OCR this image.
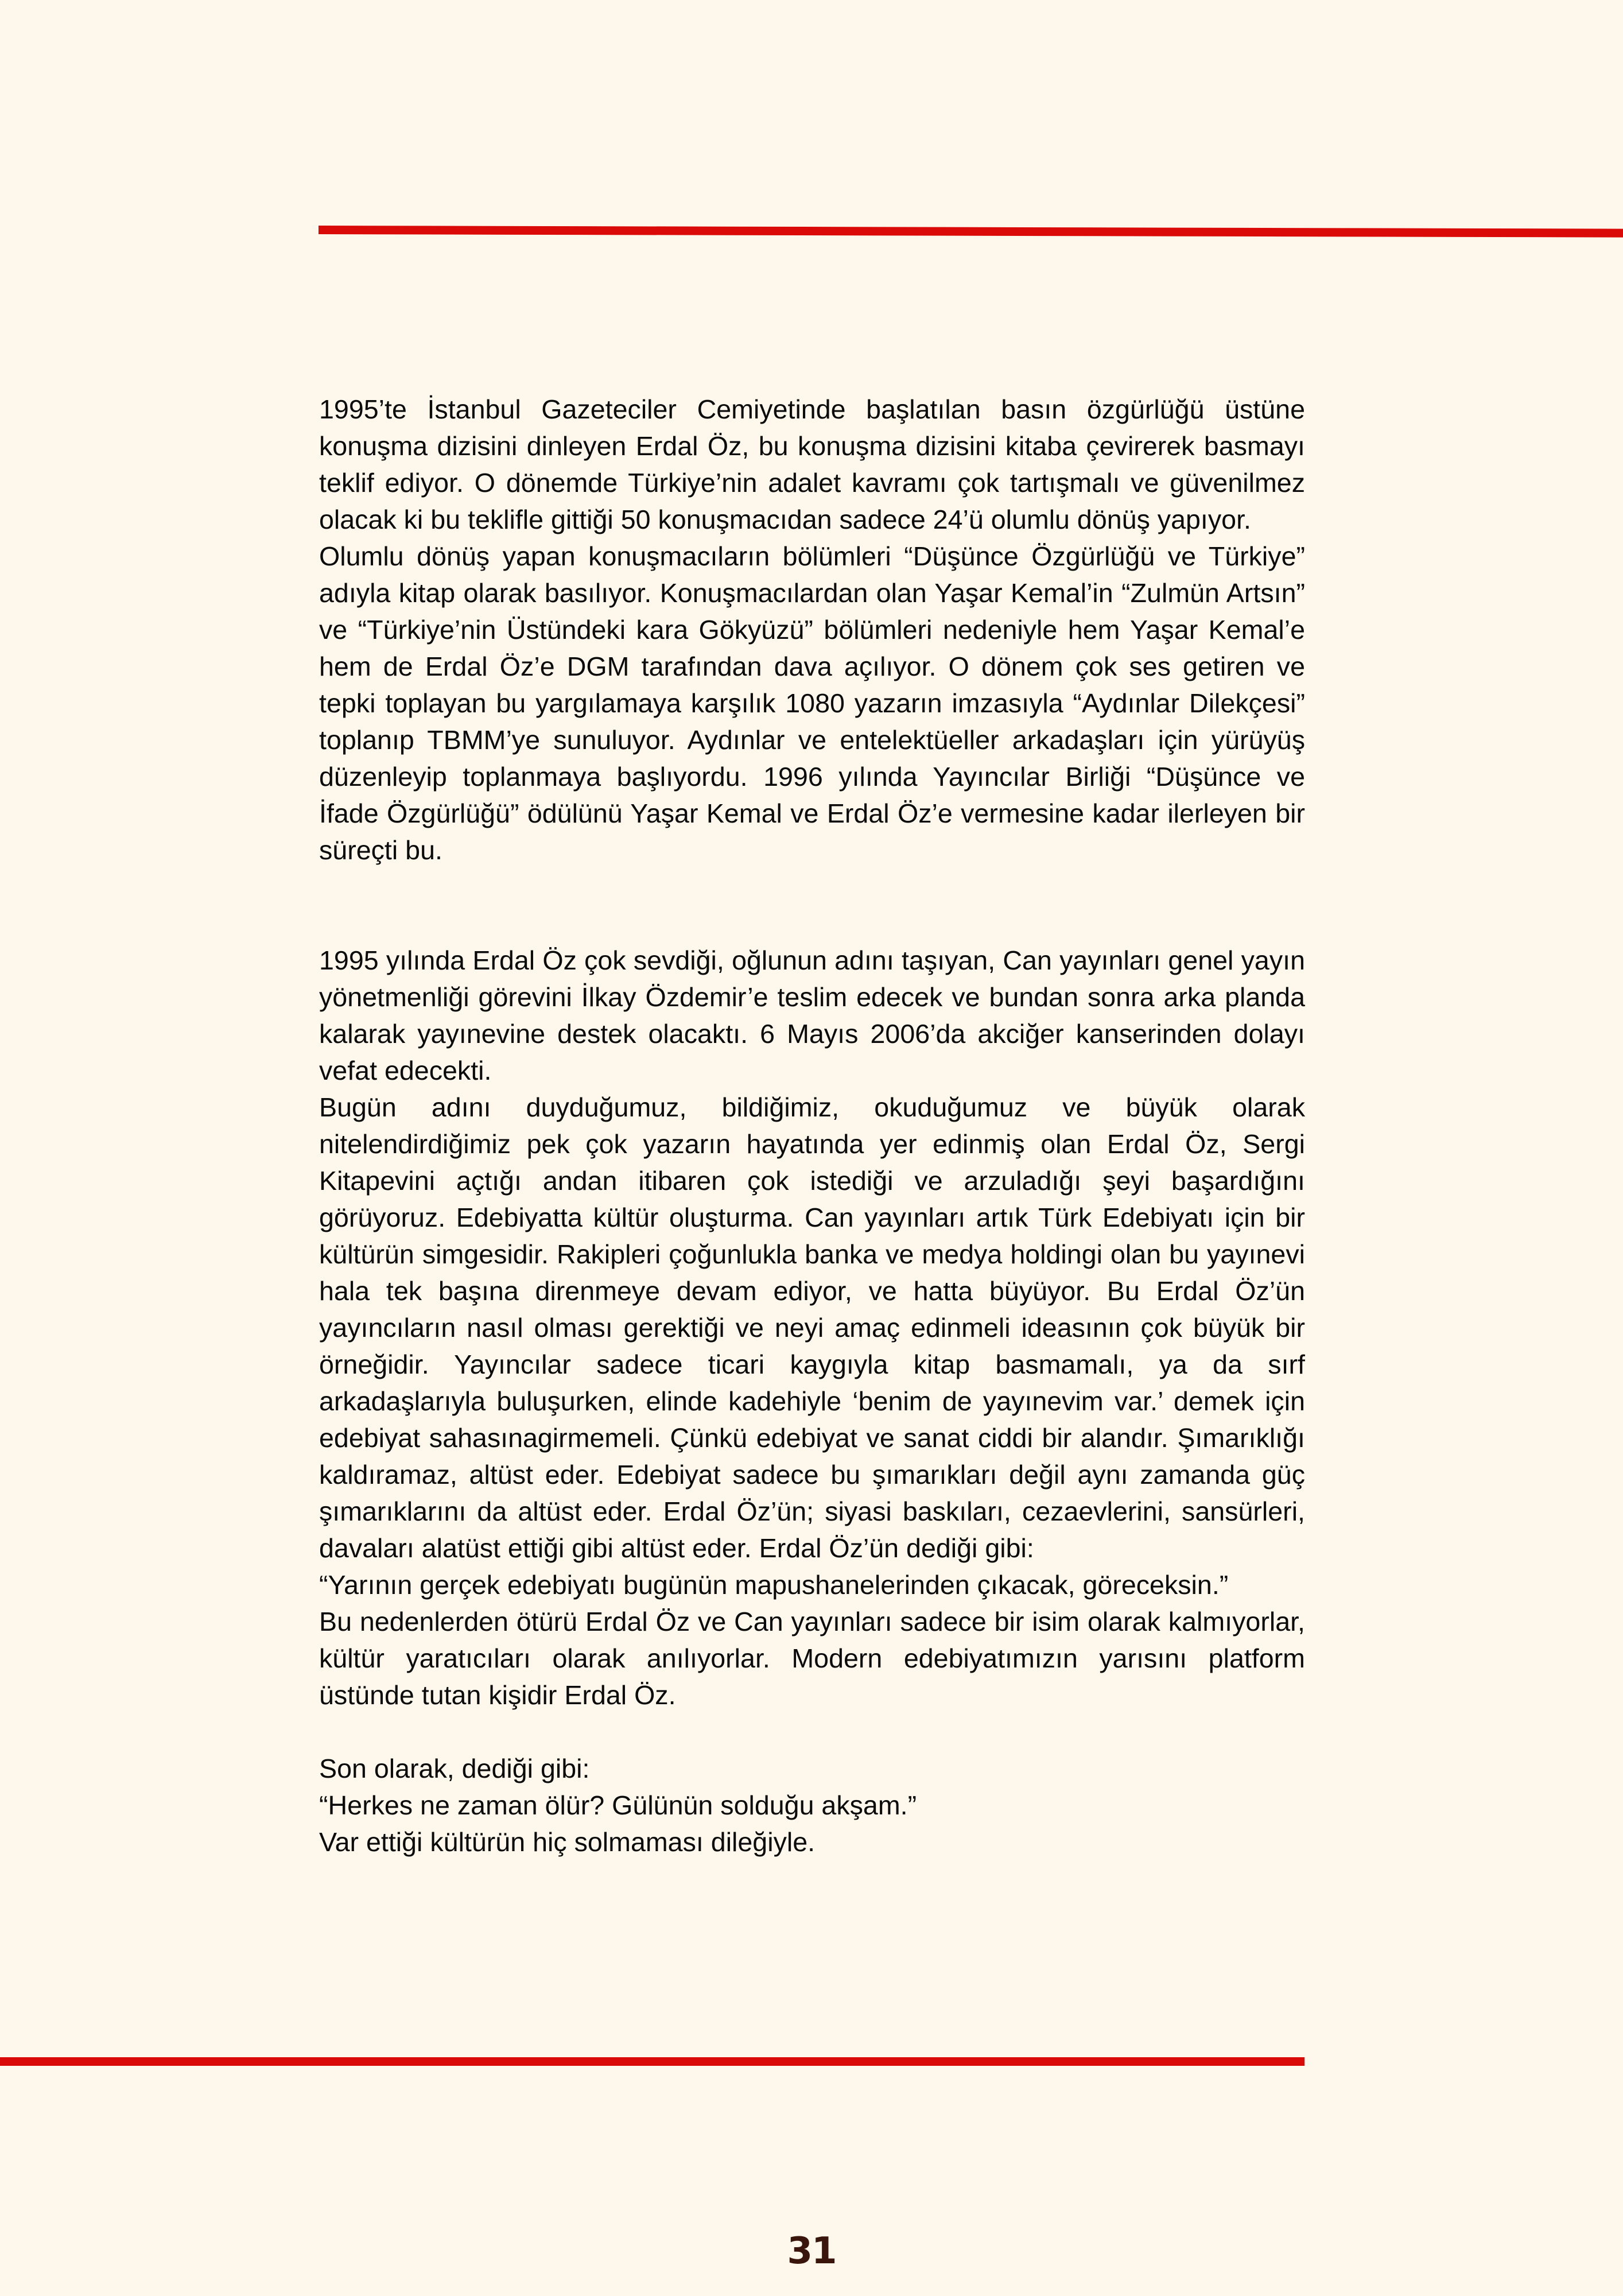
1995’te İstanbul Gazeteciler Cemiyetinde başlatılan basın özgürlüğü üstüne konuşma dizisini dinleyen Erdal Öz, bu konuşma dizisini kitaba çevirerek basmayı teklif ediyor. O dönemde Türkiye’nin adalet kavramı çok tartışmalı ve güvenilmez olacak ki bu teklifle gittiği 50 konuşmacıdan sadece 24’ü olumlu dönüş yapıyor.

Olumlu dönüş yapan konuşmacıların bölümleri “Düşünce Özgürlüğü ve Türkiye” adıyla kitap olarak basılıyor. Konuşmacılardan olan Yaşar Kemal’in “Zulmün Artsın” ve “Türkiye’nin Üstündeki kara Gökyüzü” bölümleri nedeniyle hem Yaşar Kemal’e hem de Erdal Öz’e DGM tarafından dava açılıyor. O dönem çok ses getiren ve tepki toplayan bu yargılamaya karşılık 1080 yazarın imzasıyla “Aydınlar Dilekçesi” toplanıp TBMM’ye sunuluyor. Aydınlar ve entelektüeller arkadaşları için yürüyüş düzenleyip toplanmaya başlıyordu. 1996 yılında Yayıncılar Birliği “Düşünce ve İfade Özgürlüğü” ödülünü Yaşar Kemal ve Erdal Öz’e vermesine kadar ilerleyen bir süreçti bu.

1995 yılında Erdal Öz çok sevdiği, oğlunun adını taşıyan, Can yayınları genel yayın yönetmenliği görevini İlkay Özdemir’e teslim edecek ve bundan sonra arka planda kalarak yayınevine destek olacaktı. 6 Mayıs 2006’da akciğer kanserinden dolayı vefat edecekti.

Bugün adını duyduğumuz, bildiğimiz, okuduğumuz ve büyük olarak nitelendirdiğimiz pek çok yazarın hayatında yer edinmiş olan Erdal Öz, Sergi Kitapevini açtığı andan itibaren çok istediği ve arzuladığı şeyi başardığını görüyoruz. Edebiyatta kültür oluşturma. Can yayınları artık Türk Edebiyatı için bir kültürün simgesidir. Rakipleri çoğunlukla banka ve medya holdingi olan bu yayınevi hala tek başına direnmeye devam ediyor, ve hatta büyüyor. Bu Erdal Öz’ün yayıncıların nasıl olması gerektiği ve neyi amaç edinmeli ideasının çok büyük bir örneğidir. Yayıncılar sadece ticari kaygıyla kitap basmamalı, ya da sırf arkadaşlarıyla buluşurken, elinde kadehiyle ‘benim de yayınevim var.’ demek için edebiyat sahasınagirmemeli. Çünkü edebiyat ve sanat ciddi bir alandır. Şımarıklığı kaldıramaz, altüst eder. Edebiyat sadece bu şımarıkları değil aynı zamanda güç şımarıklarını da altüst eder. Erdal Öz’ün; siyasi baskıları, cezaevlerini, sansürleri, davaları alatüst ettiği gibi altüst eder. Erdal Öz’ün dediği gibi:

“Yarının gerçek edebiyatı bugünün mapushanelerinden çıkacak, göreceksin.”

Bu nedenlerden ötürü Erdal Öz ve Can yayınları sadece bir isim olarak kalmıyorlar, kültür yaratıcıları olarak anılıyorlar. Modern edebiyatımızın yarısını platform üstünde tutan kişidir Erdal Öz.

Son olarak, dediği gibi:

“Herkes ne zaman ölür? Gülünün solduğu akşam.”

Var ettiği kültürün hiç solmaması dileğiyle.

31
